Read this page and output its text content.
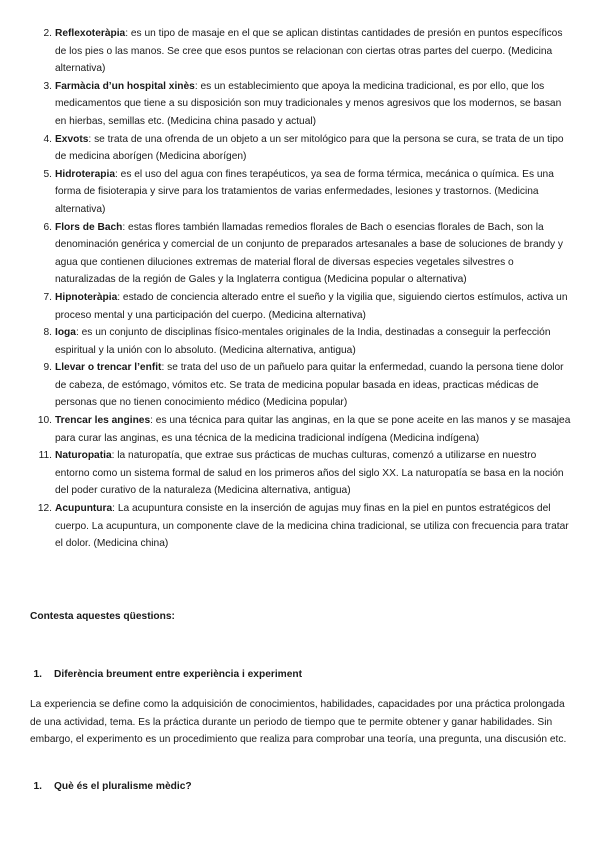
2. Reflexoteràpia: es un tipo de masaje en el que se aplican distintas cantidades de presión en puntos específicos de los pies o las manos. Se cree que esos puntos se relacionan con ciertas otras partes del cuerpo. (Medicina alternativa)
3. Farmàcia d’un hospital xinès: es un establecimiento que apoya la medicina tradicional, es por ello, que los medicamentos que tiene a su disposición son muy tradicionales y menos agresivos que los modernos, se basan en hierbas, semillas etc. (Medicina china pasado y actual)
4. Exvots: se trata de una ofrenda de un objeto a un ser mitológico para que la persona se cura, se trata de un tipo de medicina aborígen (Medicina aborígen)
5. Hidroterapia: es el uso del agua con fines terapéuticos, ya sea de forma térmica, mecánica o química. Es una forma de fisioterapia y sirve para los tratamientos de varias enfermedades, lesiones y trastornos. (Medicina alternativa)
6. Flors de Bach: estas flores también llamadas remedios florales de Bach o esencias florales de Bach, son la denominación genérica y comercial de un conjunto de preparados artesanales a base de soluciones de brandy y agua que contienen diluciones extremas de material floral de diversas especies vegetales silvestres o naturalizadas de la región de Gales y la Inglaterra contigua (Medicina popular o alternativa)
7. Hipnoteràpia: estado de conciencia alterado entre el sueño y la vigilia que, siguiendo ciertos estímulos, activa un proceso mental y una participación del cuerpo. (Medicina alternativa)
8. Ioga: es un conjunto de disciplinas físico-mentales originales de la India, destinadas a conseguir la perfección espiritual y la unión con lo absoluto. (Medicina alternativa, antigua)
9. Llevar o trencar l’enfit: se trata del uso de un pañuelo para quitar la enfermedad, cuando la persona tiene dolor de cabeza, de estómago, vómitos etc. Se trata de medicina popular basada en ideas, practicas médicas de personas que no tienen conocimiento médico (Medicina popular)
10. Trencar les angines: es una técnica para quitar las anginas, en la que se pone aceite en las manos y se masajea para curar las anginas, es una técnica de la medicina tradicional indígena (Medicina indígena)
11. Naturopatia: la naturopatía, que extrae sus prácticas de muchas culturas, comenzó a utilizarse en nuestro entorno como un sistema formal de salud en los primeros años del siglo XX. La naturopatía se basa en la noción del poder curativo de la naturaleza (Medicina alternativa, antigua)
12. Acupuntura: La acupuntura consiste en la inserción de agujas muy finas en la piel en puntos estratégicos del cuerpo. La acupuntura, un componente clave de la medicina china tradicional, se utiliza con frecuencia para tratar el dolor. (Medicina china)
Contesta aquestes qüestions:
1.	Diferència breument entre experiència i experiment

La experiencia se define como la adquisición de conocimientos, habilidades, capacidades por una práctica prolongada de una actividad, tema. Es la práctica durante un periodo de tiempo que te permite obtener y ganar habilidades. Sin embargo, el experimento es un procedimiento que realiza para comprobar una teoría, una pregunta, una discusión etc.

1.	Què és el pluralisme mèdic?
